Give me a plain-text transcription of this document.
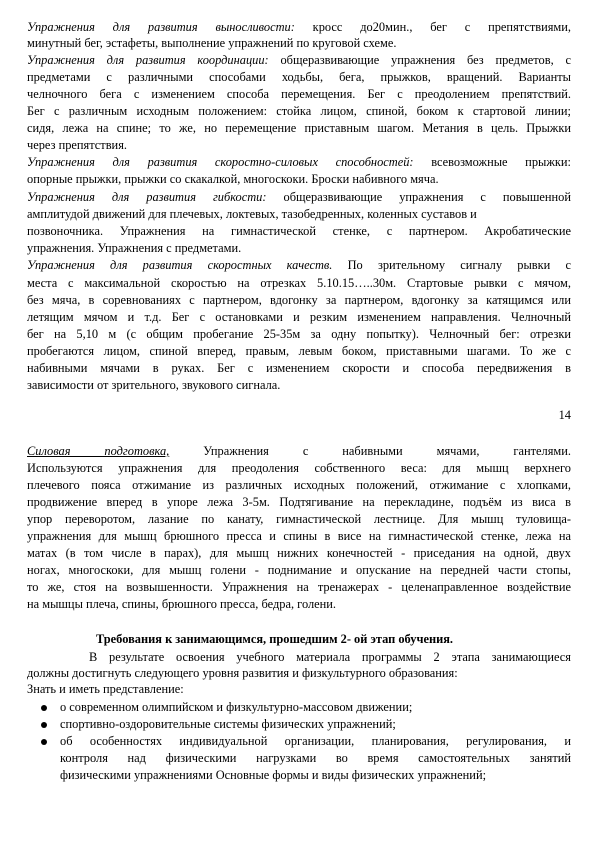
Упражнения для развития выносливости: кросс до20мин., бег с препятствиями,
минутный бег, эстафеты, выполнение упражнений по круговой схеме.
Упражнения для развития координации: общеразвивающие упражнения без предметов, с
предметами с различными способами ходьбы, бега, прыжков, вращений. Варианты
челночного бега с изменением способа перемещения. Бег с преодолением препятствий.
Бег с различным исходным положением: стойка лицом, спиной, боком к стартовой линии;
сидя, лежа на спине; то же, но перемещение приставным шагом. Метания в цель. Прыжки
через препятствия.
Упражнения для развития скоростно-силовых способностей: всевозможные прыжки:
опорные прыжки, прыжки со скакалкой, многоскоки. Броски набивного мяча.
Упражнения для развития гибкости: общеразвивающие упражнения с повышенной
амплитудой движений для плечевых, локтевых, тазобедренных, коленных суставов и
позвоночника. Упражнения на гимнастической стенке, с партнером. Акробатические
упражнения. Упражнения с предметами.
Упражнения для развития скоростных качеств. По зрительному сигналу рывки с
места с максимальной скоростью на отрезках 5.10.15…..30м. Стартовые рывки с мячом,
без мяча, в соревнованиях с партнером, вдогонку за партнером, вдогонку за катящимся или
летящим мячом и т.д. Бег с остановками и резким изменением направления. Челночный
бег на 5,10 м (с общим пробегание 25-35м за одну попытку). Челночный бег: отрезки
пробегаются лицом, спиной вперед, правым, левым боком, приставными шагами. То же с
набивными мячами в руках. Бег с изменением скорости и способа передвижения в
зависимости от зрительного, звукового сигнала.
14
Силовая подготовка, Упражнения с набивными мячами, гантелями.
Используются упражнения для преодоления собственного веса: для мышц верхнего
плечевого пояса отжимание из различных исходных положений, отжимание с хлопками,
продвижение вперед в упоре лежа 3-5м. Подтягивание на перекладине, подъём из виса в
упор переворотом, лазание по канату, гимнастической лестнице. Для мышц туловища-
упражнения для мышц брюшного пресса и спины в висе на гимнастической стенке, лежа на
матах (в том числе в парах), для мышц нижних конечностей - приседания на одной, двух
ногах, многоскоки, для мышц голени - поднимание и опускание на передней части стопы,
то же, стоя на возвышенности. Упражнения на тренажерах - целенаправленное воздействие
на мышцы плеча, спины, брюшного пресса, бедра, голени.
Требования к занимающимся, прошедшим 2- ой этап обучения.
В результате освоения учебного материала программы 2 этапа занимающиеся
должны достигнуть следующего уровня развития и физкультурного образования:
Знать и иметь представление:
о современном олимпийском и физкультурно-массовом движении;
спортивно-оздоровительные системы физических упражнений;
об особенностях индивидуальной организации, планирования, регулирования, и
контроля над физическими нагрузками во время самостоятельных занятий
физическими упражнениями Основные формы и виды физических упражнений;
